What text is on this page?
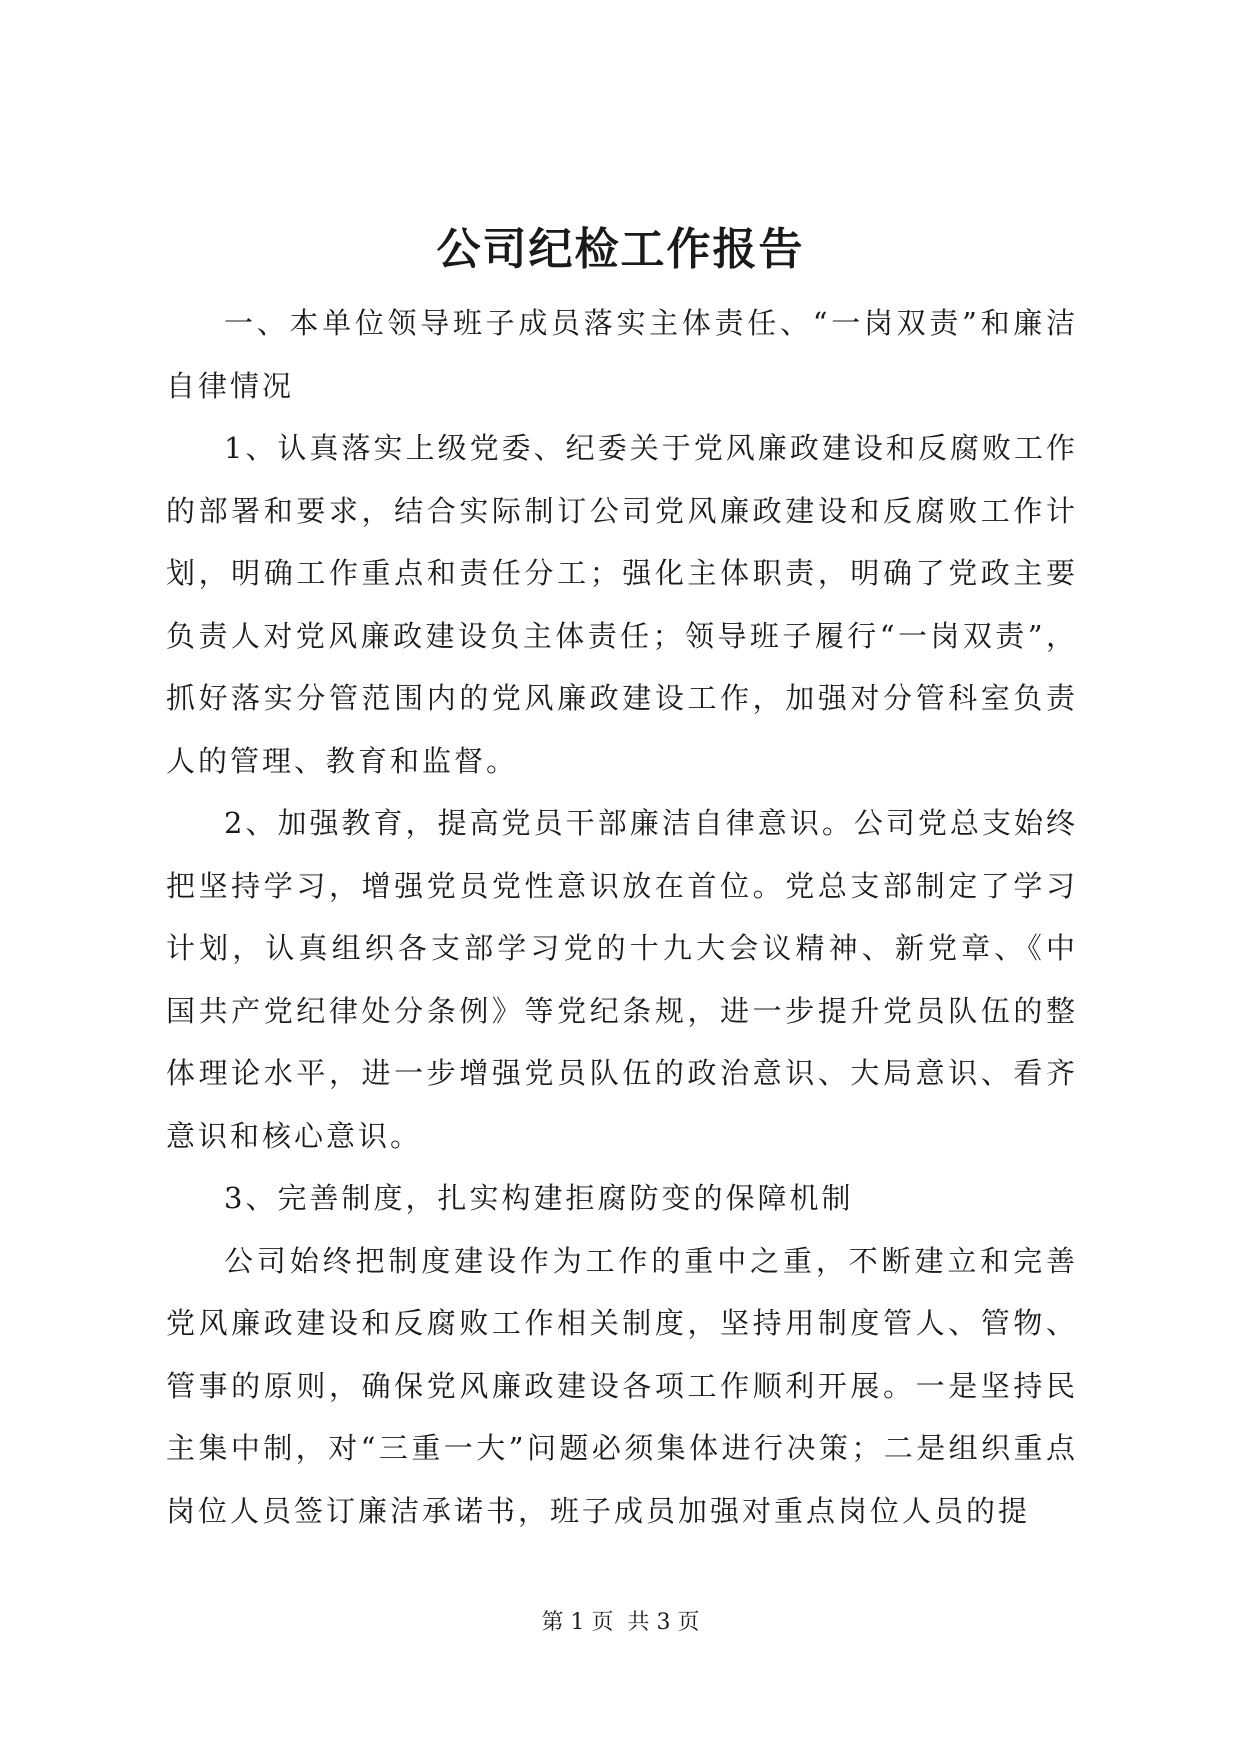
公司纪检工作报告

一、本单位领导班子成员落实主体责任、“一岗双责”和廉洁自律情况

1、认真落实上级党委、纪委关于党风廉政建设和反腐败工作的部署和要求，结合实际制订公司党风廉政建设和反腐败工作计划，明确工作重点和责任分工；强化主体职责，明确了党政主要负责人对党风廉政建设负主体责任；领导班子履行“一岗双责”，抓好落实分管范围内的党风廉政建设工作，加强对分管科室负责人的管理、教育和监督。

2、加强教育，提高党员干部廉洁自律意识。公司党总支始终把坚持学习，增强党员党性意识放在首位。党总支部制定了学习计划，认真组织各支部学习党的十九大会议精神、新党章、《中国共产党纪律处分条例》等党纪条规，进一步提升党员队伍的整体理论水平，进一步增强党员队伍的政治意识、大局意识、看齐意识和核心意识。

3、完善制度，扎实构建拒腐防变的保障机制

公司始终把制度建设作为工作的重中之重，不断建立和完善党风廉政建设和反腐败工作相关制度，坚持用制度管人、管物、管事的原则，确保党风廉政建设各项工作顺利开展。一是坚持民主集中制，对“三重一大”问题必须集体进行决策；二是组织重点岗位人员签订廉洁承诺书，班子成员加强对重点岗位人员的提

第 1 页  共 3 页
